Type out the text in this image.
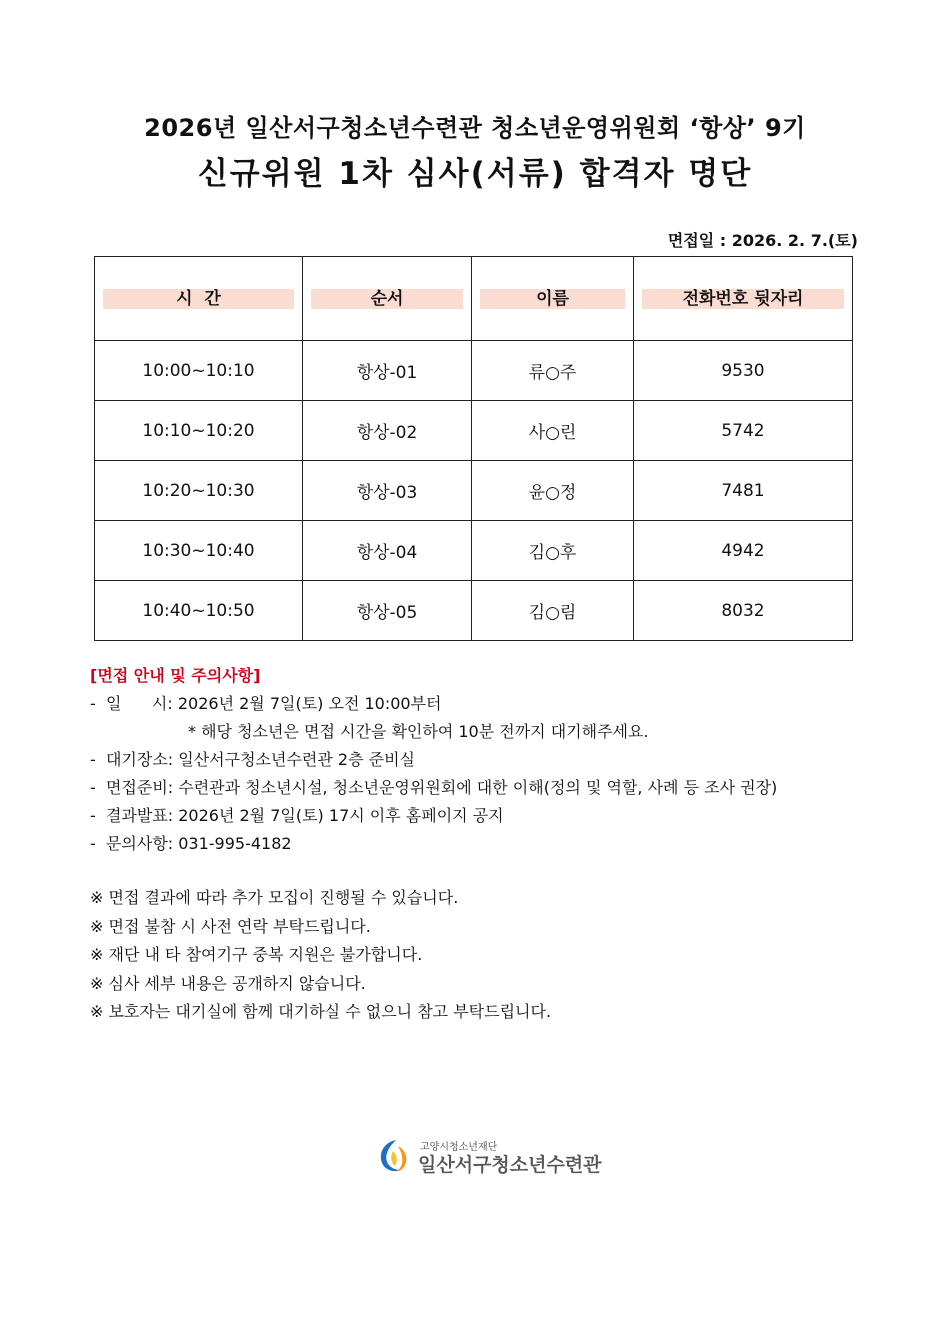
2026년 일산서구청소년수련관 청소년운영위원회 ‘항상’ 9기
신규위원 1차 심사(서류) 합격자 명단
면접일 : 2026. 2. 7.(토)
시  간	순서	이름	전화번호 뒷자리

10:00~10:10	항상-01	류○주	9530
10:10~10:20	항상-02	사○린	5742
10:20~10:30	항상-03	윤○정	7481
10:30~10:40	항상-04	김○후	4942
10:40~10:50	항상-05	김○림	8032
[면접 안내 및 주의사항]
-  일      시: 2026년 2월 7일(토) 오전 10:00부터
* 해당 청소년은 면접 시간을 확인하여 10분 전까지 대기해주세요.
-  대기장소: 일산서구청소년수련관 2층 준비실
-  면접준비: 수련관과 청소년시설, 청소년운영위원회에 대한 이해(정의 및 역할, 사례 등 조사 권장)
-  결과발표: 2026년 2월 7일(토) 17시 이후 홈페이지 공지
-  문의사항: 031-995-4182
※ 면접 결과에 따라 추가 모집이 진행될 수 있습니다.
※ 면접 불참 시 사전 연락 부탁드립니다.
※ 재단 내 타 참여기구 중복 지원은 불가합니다.
※ 심사 세부 내용은 공개하지 않습니다.
※ 보호자는 대기실에 함께 대기하실 수 없으니 참고 부탁드립니다.
고양시청소년재단
일산서구청소년수련관
